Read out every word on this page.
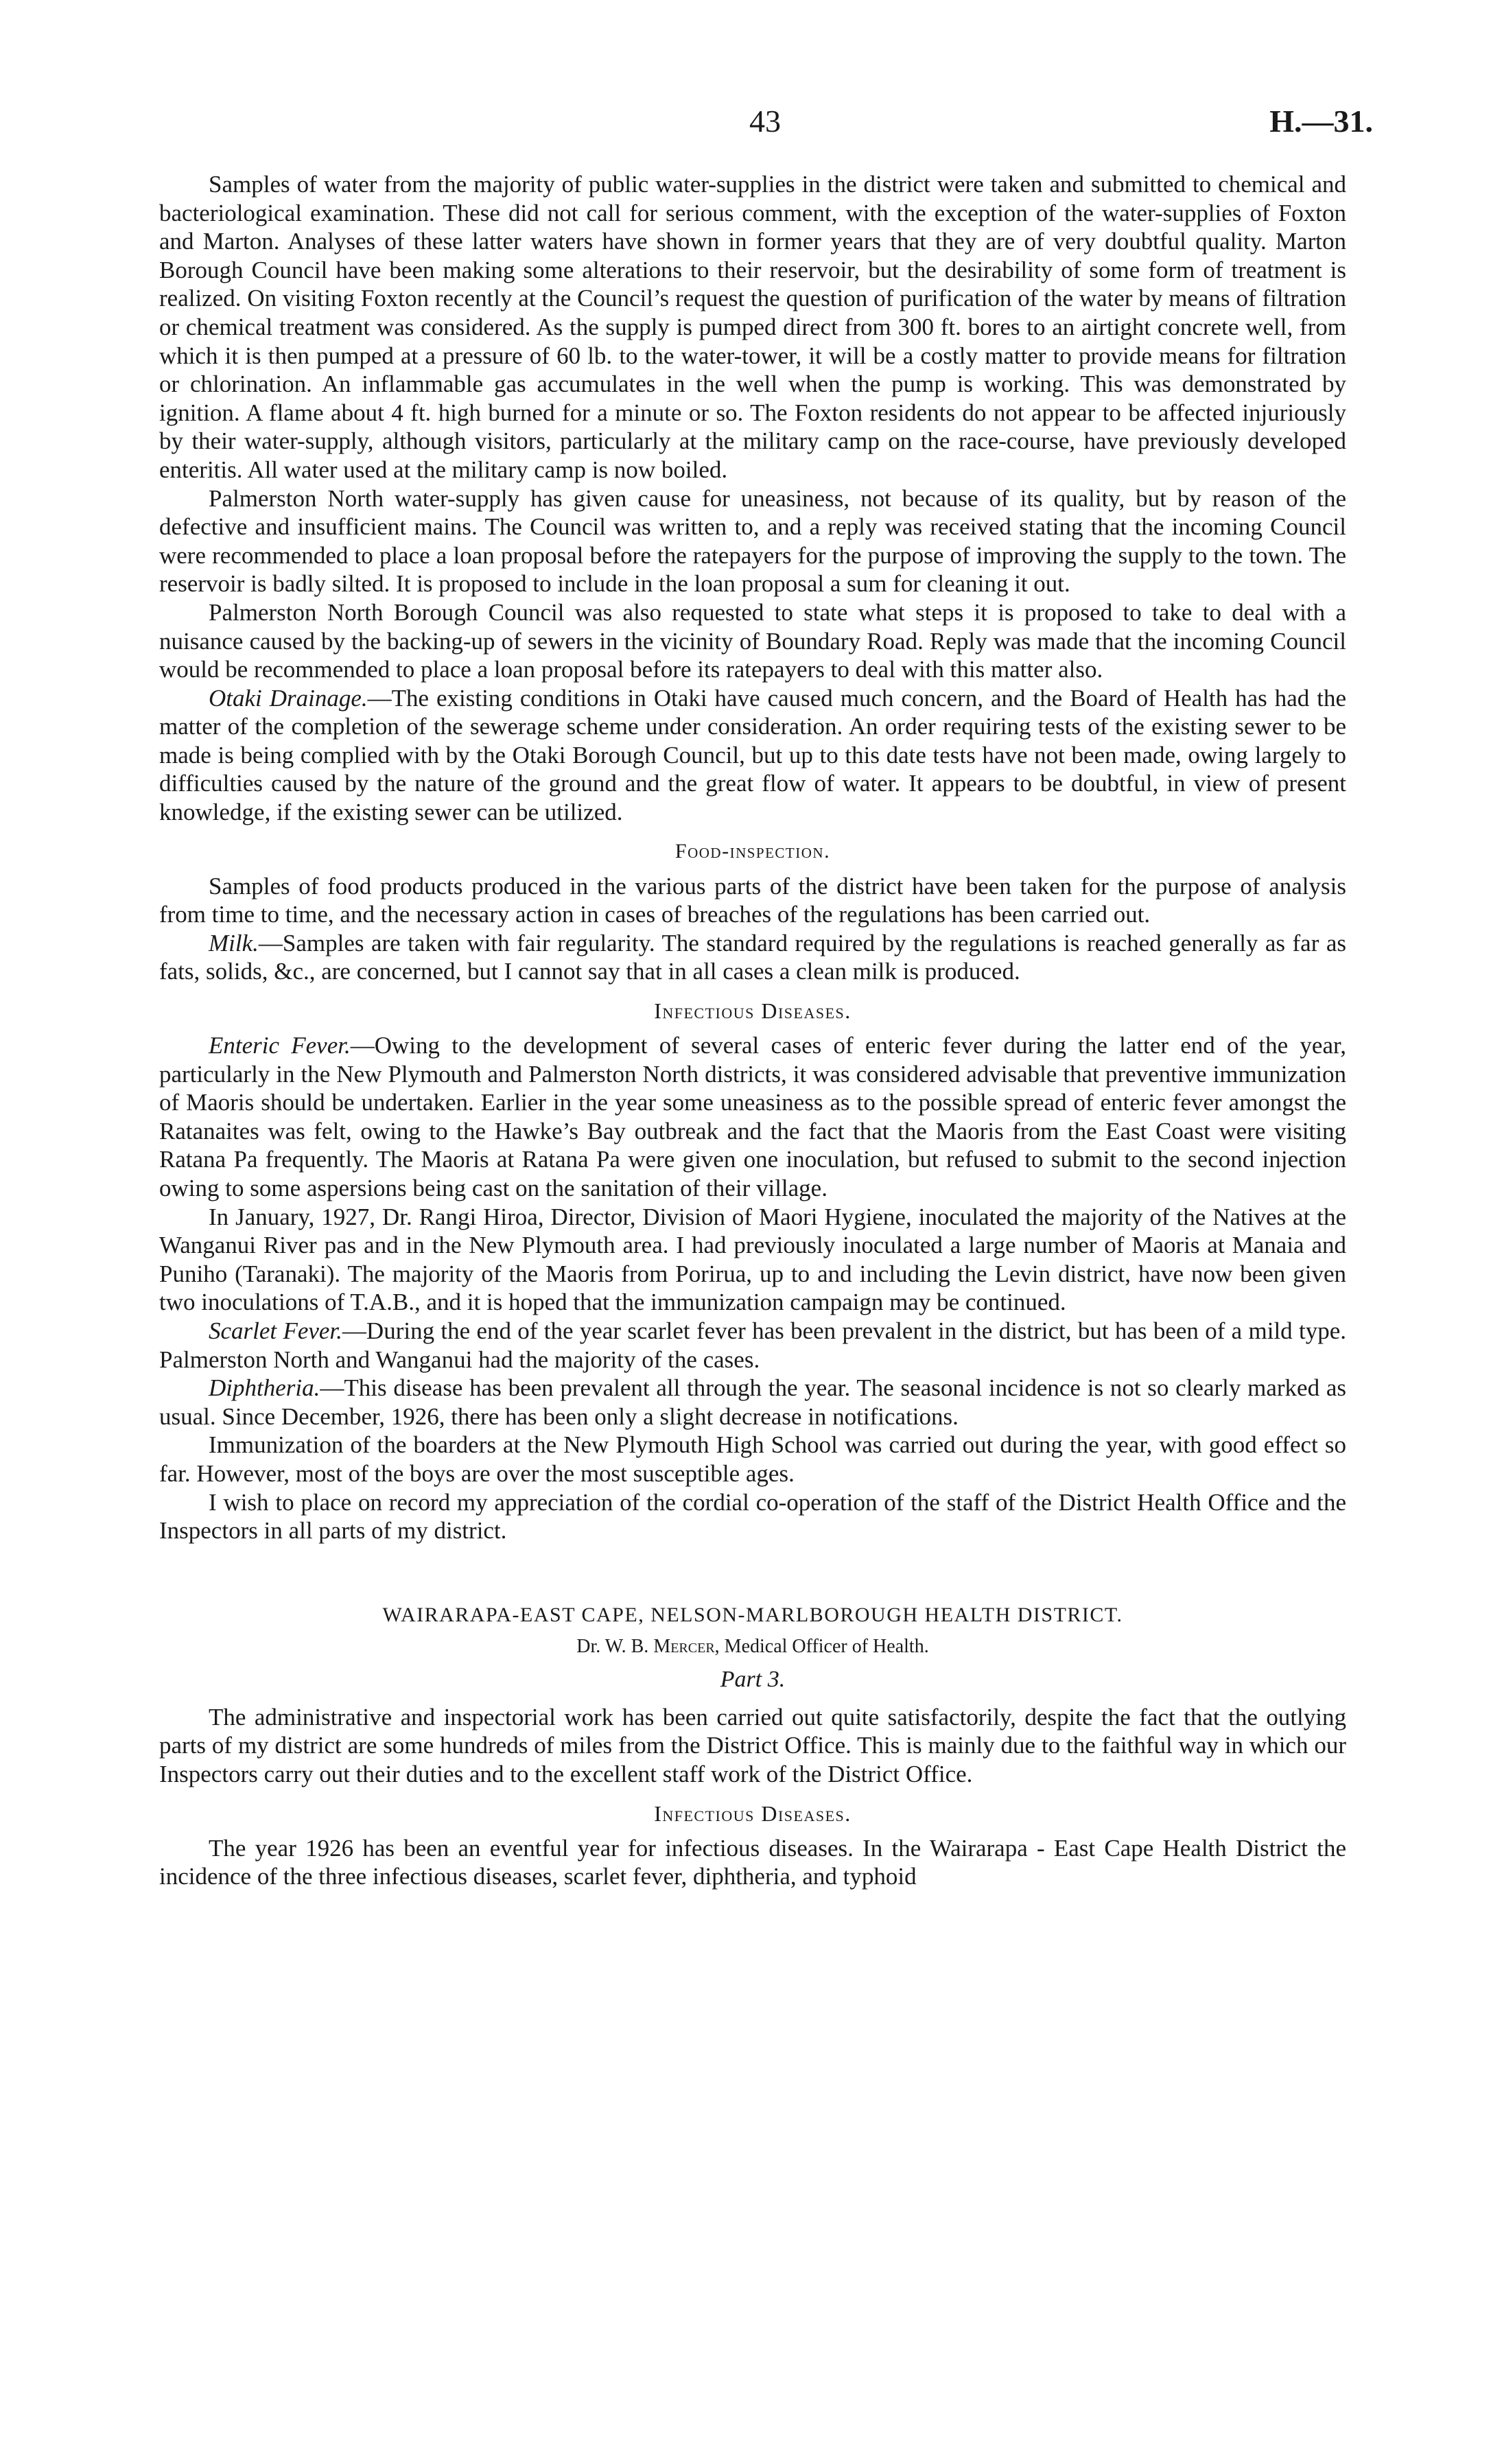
43	H.—31.

Samples of water from the majority of public water-supplies in the district were taken and submitted to chemical and bacteriological examination. These did not call for serious comment, with the exception of the water-supplies of Foxton and Marton. Analyses of these latter waters have shown in former years that they are of very doubtful quality. Marton Borough Council have been making some alterations to their reservoir, but the desirability of some form of treatment is realized. On visiting Foxton recently at the Council’s request the question of purification of the water by means of filtration or chemical treatment was considered. As the supply is pumped direct from 300 ft. bores to an airtight concrete well, from which it is then pumped at a pressure of 60 lb. to the water-tower, it will be a costly matter to provide means for filtration or chlorination. An inflammable gas accumulates in the well when the pump is working. This was demonstrated by ignition. A flame about 4 ft. high burned for a minute or so. The Foxton residents do not appear to be affected injuriously by their water-supply, although visitors, particularly at the military camp on the race-course, have previously developed enteritis. All water used at the military camp is now boiled.

Palmerston North water-supply has given cause for uneasiness, not because of its quality, but by reason of the defective and insufficient mains. The Council was written to, and a reply was received stating that the incoming Council were recommended to place a loan proposal before the ratepayers for the purpose of improving the supply to the town. The reservoir is badly silted. It is proposed to include in the loan proposal a sum for cleaning it out.

Palmerston North Borough Council was also requested to state what steps it is proposed to take to deal with a nuisance caused by the backing-up of sewers in the vicinity of Boundary Road. Reply was made that the incoming Council would be recommended to place a loan proposal before its ratepayers to deal with this matter also.

Otaki Drainage.—The existing conditions in Otaki have caused much concern, and the Board of Health has had the matter of the completion of the sewerage scheme under consideration. An order requiring tests of the existing sewer to be made is being complied with by the Otaki Borough Council, but up to this date tests have not been made, owing largely to difficulties caused by the nature of the ground and the great flow of water. It appears to be doubtful, in view of present knowledge, if the existing sewer can be utilized.

Food-inspection.

Samples of food products produced in the various parts of the district have been taken for the purpose of analysis from time to time, and the necessary action in cases of breaches of the regulations has been carried out.

Milk.—Samples are taken with fair regularity. The standard required by the regulations is reached generally as far as fats, solids, &c., are concerned, but I cannot say that in all cases a clean milk is produced.

Infectious Diseases.

Enteric Fever.—Owing to the development of several cases of enteric fever during the latter end of the year, particularly in the New Plymouth and Palmerston North districts, it was considered advisable that preventive immunization of Maoris should be undertaken. Earlier in the year some uneasiness as to the possible spread of enteric fever amongst the Ratanaites was felt, owing to the Hawke’s Bay outbreak and the fact that the Maoris from the East Coast were visiting Ratana Pa frequently. The Maoris at Ratana Pa were given one inoculation, but refused to submit to the second injection owing to some aspersions being cast on the sanitation of their village.

In January, 1927, Dr. Rangi Hiroa, Director, Division of Maori Hygiene, inoculated the majority of the Natives at the Wanganui River pas and in the New Plymouth area. I had previously inoculated a large number of Maoris at Manaia and Puniho (Taranaki). The majority of the Maoris from Porirua, up to and including the Levin district, have now been given two inoculations of T.A.B., and it is hoped that the immunization campaign may be continued.

Scarlet Fever.—During the end of the year scarlet fever has been prevalent in the district, but has been of a mild type. Palmerston North and Wanganui had the majority of the cases.

Diphtheria.—This disease has been prevalent all through the year. The seasonal incidence is not so clearly marked as usual. Since December, 1926, there has been only a slight decrease in notifications.

Immunization of the boarders at the New Plymouth High School was carried out during the year, with good effect so far. However, most of the boys are over the most susceptible ages.

I wish to place on record my appreciation of the cordial co-operation of the staff of the District Health Office and the Inspectors in all parts of my district.

WAIRARAPA-EAST CAPE, NELSON-MARLBOROUGH HEALTH DISTRICT.
Dr. W. B. Mercer, Medical Officer of Health.
Part 3.

The administrative and inspectorial work has been carried out quite satisfactorily, despite the fact that the outlying parts of my district are some hundreds of miles from the District Office. This is mainly due to the faithful way in which our Inspectors carry out their duties and to the excellent staff work of the District Office.

Infectious Diseases.

The year 1926 has been an eventful year for infectious diseases. In the Wairarapa - East Cape Health District the incidence of the three infectious diseases, scarlet fever, diphtheria, and typhoid
